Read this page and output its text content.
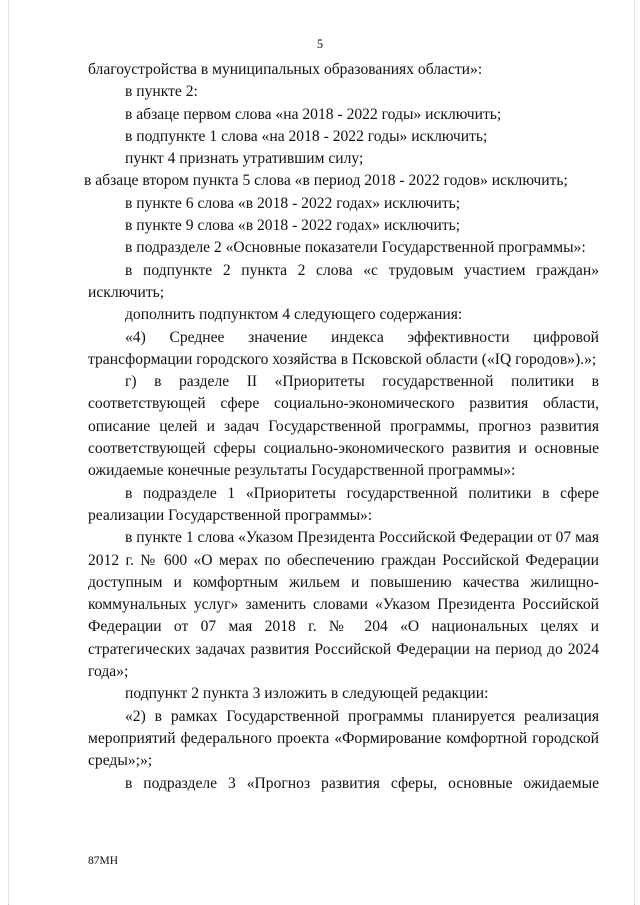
5

благоустройства в муниципальных образованиях области»:

в пункте 2:

в абзаце первом слова «на 2018 - 2022 годы» исключить;

в подпункте 1 слова «на 2018 - 2022 годы» исключить;

пункт 4 признать утратившим силу;

в абзаце втором пункта 5 слова «в период 2018 - 2022 годов» исключить;

в пункте 6 слова «в 2018 - 2022 годах» исключить;

в пункте 9 слова «в 2018 - 2022 годах» исключить;

в подразделе 2 «Основные показатели Государственной программы»:

в подпункте 2 пункта 2 слова «с трудовым участием граждан» исключить;

дополнить подпунктом 4 следующего содержания:

«4) Среднее значение индекса эффективности цифровой трансформации городского хозяйства в Псковской области («IQ городов»).»;

г) в разделе II «Приоритеты государственной политики в соответствующей сфере социально-экономического развития области, описание целей и задач Государственной программы, прогноз развития соответствующей сферы социально-экономического развития и основные ожидаемые конечные результаты Государственной программы»:

в подразделе 1 «Приоритеты государственной политики в сфере реализации Государственной программы»:

в пункте 1 слова «Указом Президента Российской Федерации от 07 мая 2012 г. № 600 «О мерах по обеспечению граждан Российской Федерации доступным и комфортным жильем и повышению качества жилищно-коммунальных услуг» заменить словами «Указом Президента Российской Федерации от 07 мая 2018 г. № 204 «О национальных целях и стратегических задачах развития Российской Федерации на период до 2024 года»;

подпункт 2 пункта 3 изложить в следующей редакции:

«2) в рамках Государственной программы планируется реализация мероприятий федерального проекта «Формирование комфортной городской среды»;»;

в подразделе 3 «Прогноз развития сферы, основные ожидаемые

87МН
